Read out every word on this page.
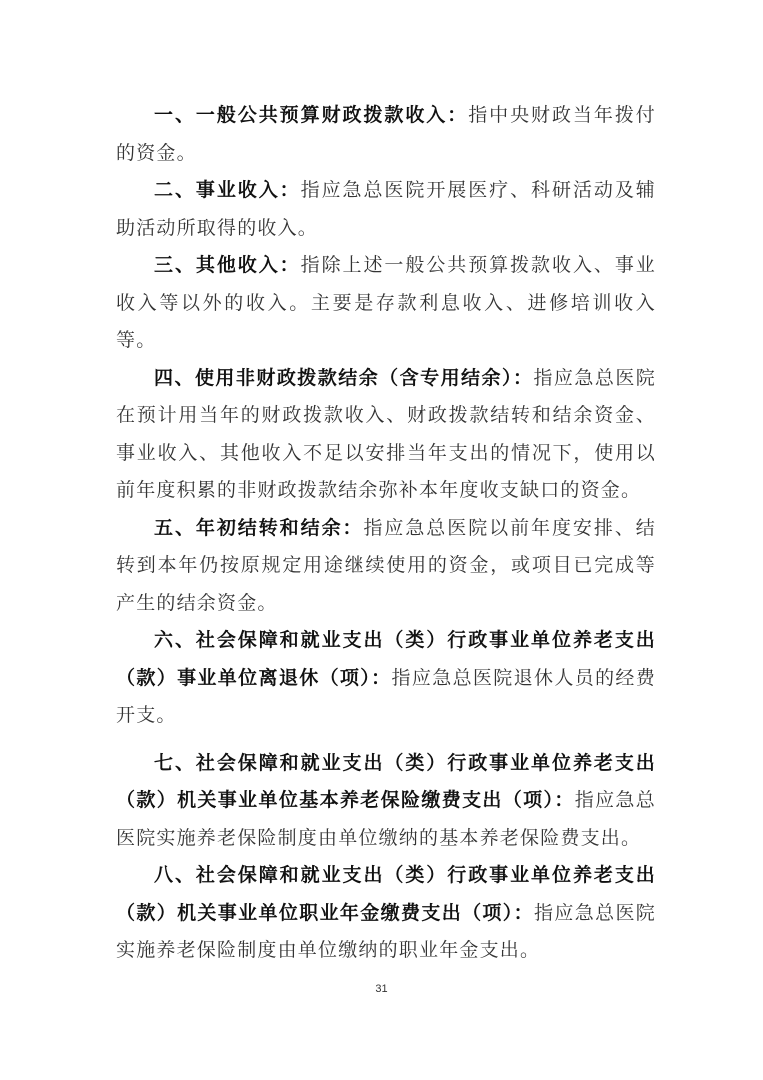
一、一般公共预算财政拨款收入：指中央财政当年拨付的资金。

二、事业收入：指应急总医院开展医疗、科研活动及辅助活动所取得的收入。

三、其他收入：指除上述一般公共预算拨款收入、事业收入等以外的收入。主要是存款利息收入、进修培训收入等。

四、使用非财政拨款结余（含专用结余）：指应急总医院在预计用当年的财政拨款收入、财政拨款结转和结余资金、事业收入、其他收入不足以安排当年支出的情况下，使用以前年度积累的非财政拨款结余弥补本年度收支缺口的资金。

五、年初结转和结余：指应急总医院以前年度安排、结转到本年仍按原规定用途继续使用的资金，或项目已完成等产生的结余资金。

六、社会保障和就业支出（类）行政事业单位养老支出（款）事业单位离退休（项）：指应急总医院退休人员的经费开支。

七、社会保障和就业支出（类）行政事业单位养老支出（款）机关事业单位基本养老保险缴费支出（项）：指应急总医院实施养老保险制度由单位缴纳的基本养老保险费支出。

八、社会保障和就业支出（类）行政事业单位养老支出（款）机关事业单位职业年金缴费支出（项）：指应急总医院实施养老保险制度由单位缴纳的职业年金支出。

31
